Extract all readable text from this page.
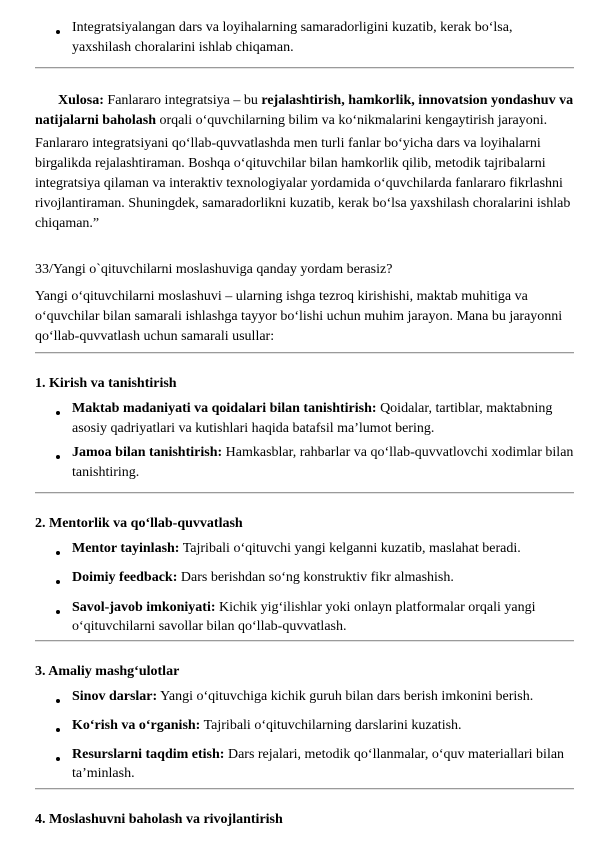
Integratsiyalangan dars va loyihalarning samaradorligini kuzatib, kerak bo‘lsa,
yaxshilash choralarini ishlab chiqaman.
Xulosa: Fanlararo integratsiya – bu rejalashtirish, hamkorlik, innovatsion yondashuv va
natijalarni baholash orqali o‘quvchilarning bilim va ko‘nikmalarini kengaytirish jarayoni.
Fanlararo integratsiyani qo‘llab-quvvatlashda men turli fanlar bo‘yicha dars va loyihalarni
birgalikda rejalashtiraman. Boshqa o‘qituvchilar bilan hamkorlik qilib, metodik tajribalarni
integratsiya qilaman va interaktiv texnologiyalar yordamida o‘quvchilarda fanlararo fikrlashni
rivojlantiraman. Shuningdek, samaradorlikni kuzatib, kerak bo‘lsa yaxshilash choralarini ishlab
chiqaman.”
33/Yangi o`qituvchilarni moslashuviga qanday yordam berasiz?
Yangi o‘qituvchilarni moslashuvi – ularning ishga tezroq kirishishi, maktab muhitiga va
o‘quvchilar bilan samarali ishlashga tayyor bo‘lishi uchun muhim jarayon. Mana bu jarayonni
qo‘llab-quvvatlash uchun samarali usullar:
1. Kirish va tanishtirish
Maktab madaniyati va qoidalari bilan tanishtirish: Qoidalar, tartiblar, maktabning
asosiy qadriyatlari va kutishlari haqida batafsil ma’lumot bering.
Jamoa bilan tanishtirish: Hamkasblar, rahbarlar va qo‘llab-quvvatlovchi xodimlar bilan
tanishtiring.
2. Mentorlik va qo‘llab-quvvatlash
Mentor tayinlash: Tajribali o‘qituvchi yangi kelganni kuzatib, maslahat beradi.
Doimiy feedback: Dars berishdan so‘ng konstruktiv fikr almashish.
Savol-javob imkoniyati: Kichik yig‘ilishlar yoki onlayn platformalar orqali yangi
o‘qituvchilarni savollar bilan qo‘llab-quvvatlash.
3. Amaliy mashg‘ulotlar
Sinov darslar: Yangi o‘qituvchiga kichik guruh bilan dars berish imkonini berish.
Ko‘rish va o‘rganish: Tajribali o‘qituvchilarning darslarini kuzatish.
Resurslarni taqdim etish: Dars rejalari, metodik qo‘llanmalar, o‘quv materiallari bilan
ta’minlash.
4. Moslashuvni baholash va rivojlantirish
